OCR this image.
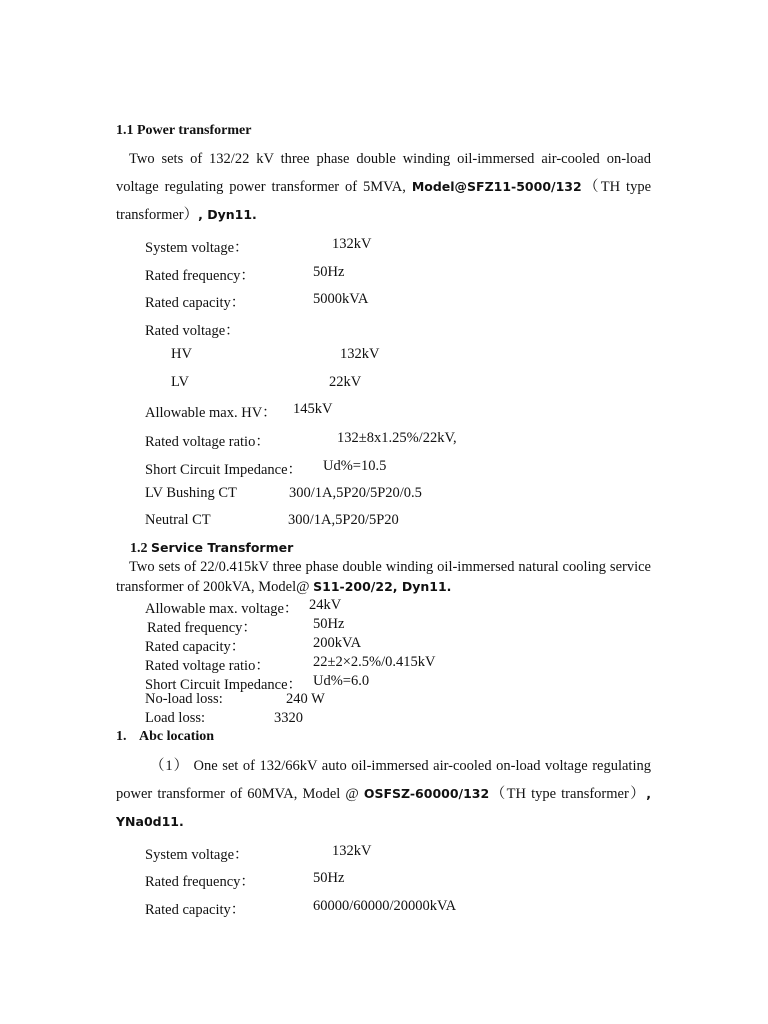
1.1 Power transformer
Two sets of 132/22 kV three phase double winding oil-immersed air-cooled on-load voltage regulating power transformer of 5MVA, Model@SFZ11-5000/132（TH type transformer）, Dyn11.
System voltage：	132kV
Rated frequency：	50Hz
Rated capacity：	5000kVA
Rated voltage：
HV	132kV
LV	22kV
Allowable max. HV： 145kV
Rated voltage ratio：	132±8x1.25%/22kV,
Short Circuit Impedance： Ud%=10.5
LV Bushing CT	300/1A,5P20/5P20/0.5
Neutral CT	300/1A,5P20/5P20
1.2 Service Transformer
Two sets of 22/0.415kV three phase double winding oil-immersed natural cooling service transformer of 200kVA, Model@ S11-200/22, Dyn11.
Allowable max. voltage： 24kV
Rated frequency：	50Hz
Rated capacity：	200kVA
Rated voltage ratio：	22±2×2.5%/0.415kV
Short Circuit Impedance： Ud%=6.0
No-load loss:	240 W
Load loss:	3320
1. Abc location
（1） One set of 132/66kV auto oil-immersed air-cooled on-load voltage regulating power transformer of 60MVA, Model @ OSFSZ-60000/132（TH type transformer）, YNa0d11.
System voltage：	132kV
Rated frequency：	50Hz
Rated capacity：	60000/60000/20000kVA
